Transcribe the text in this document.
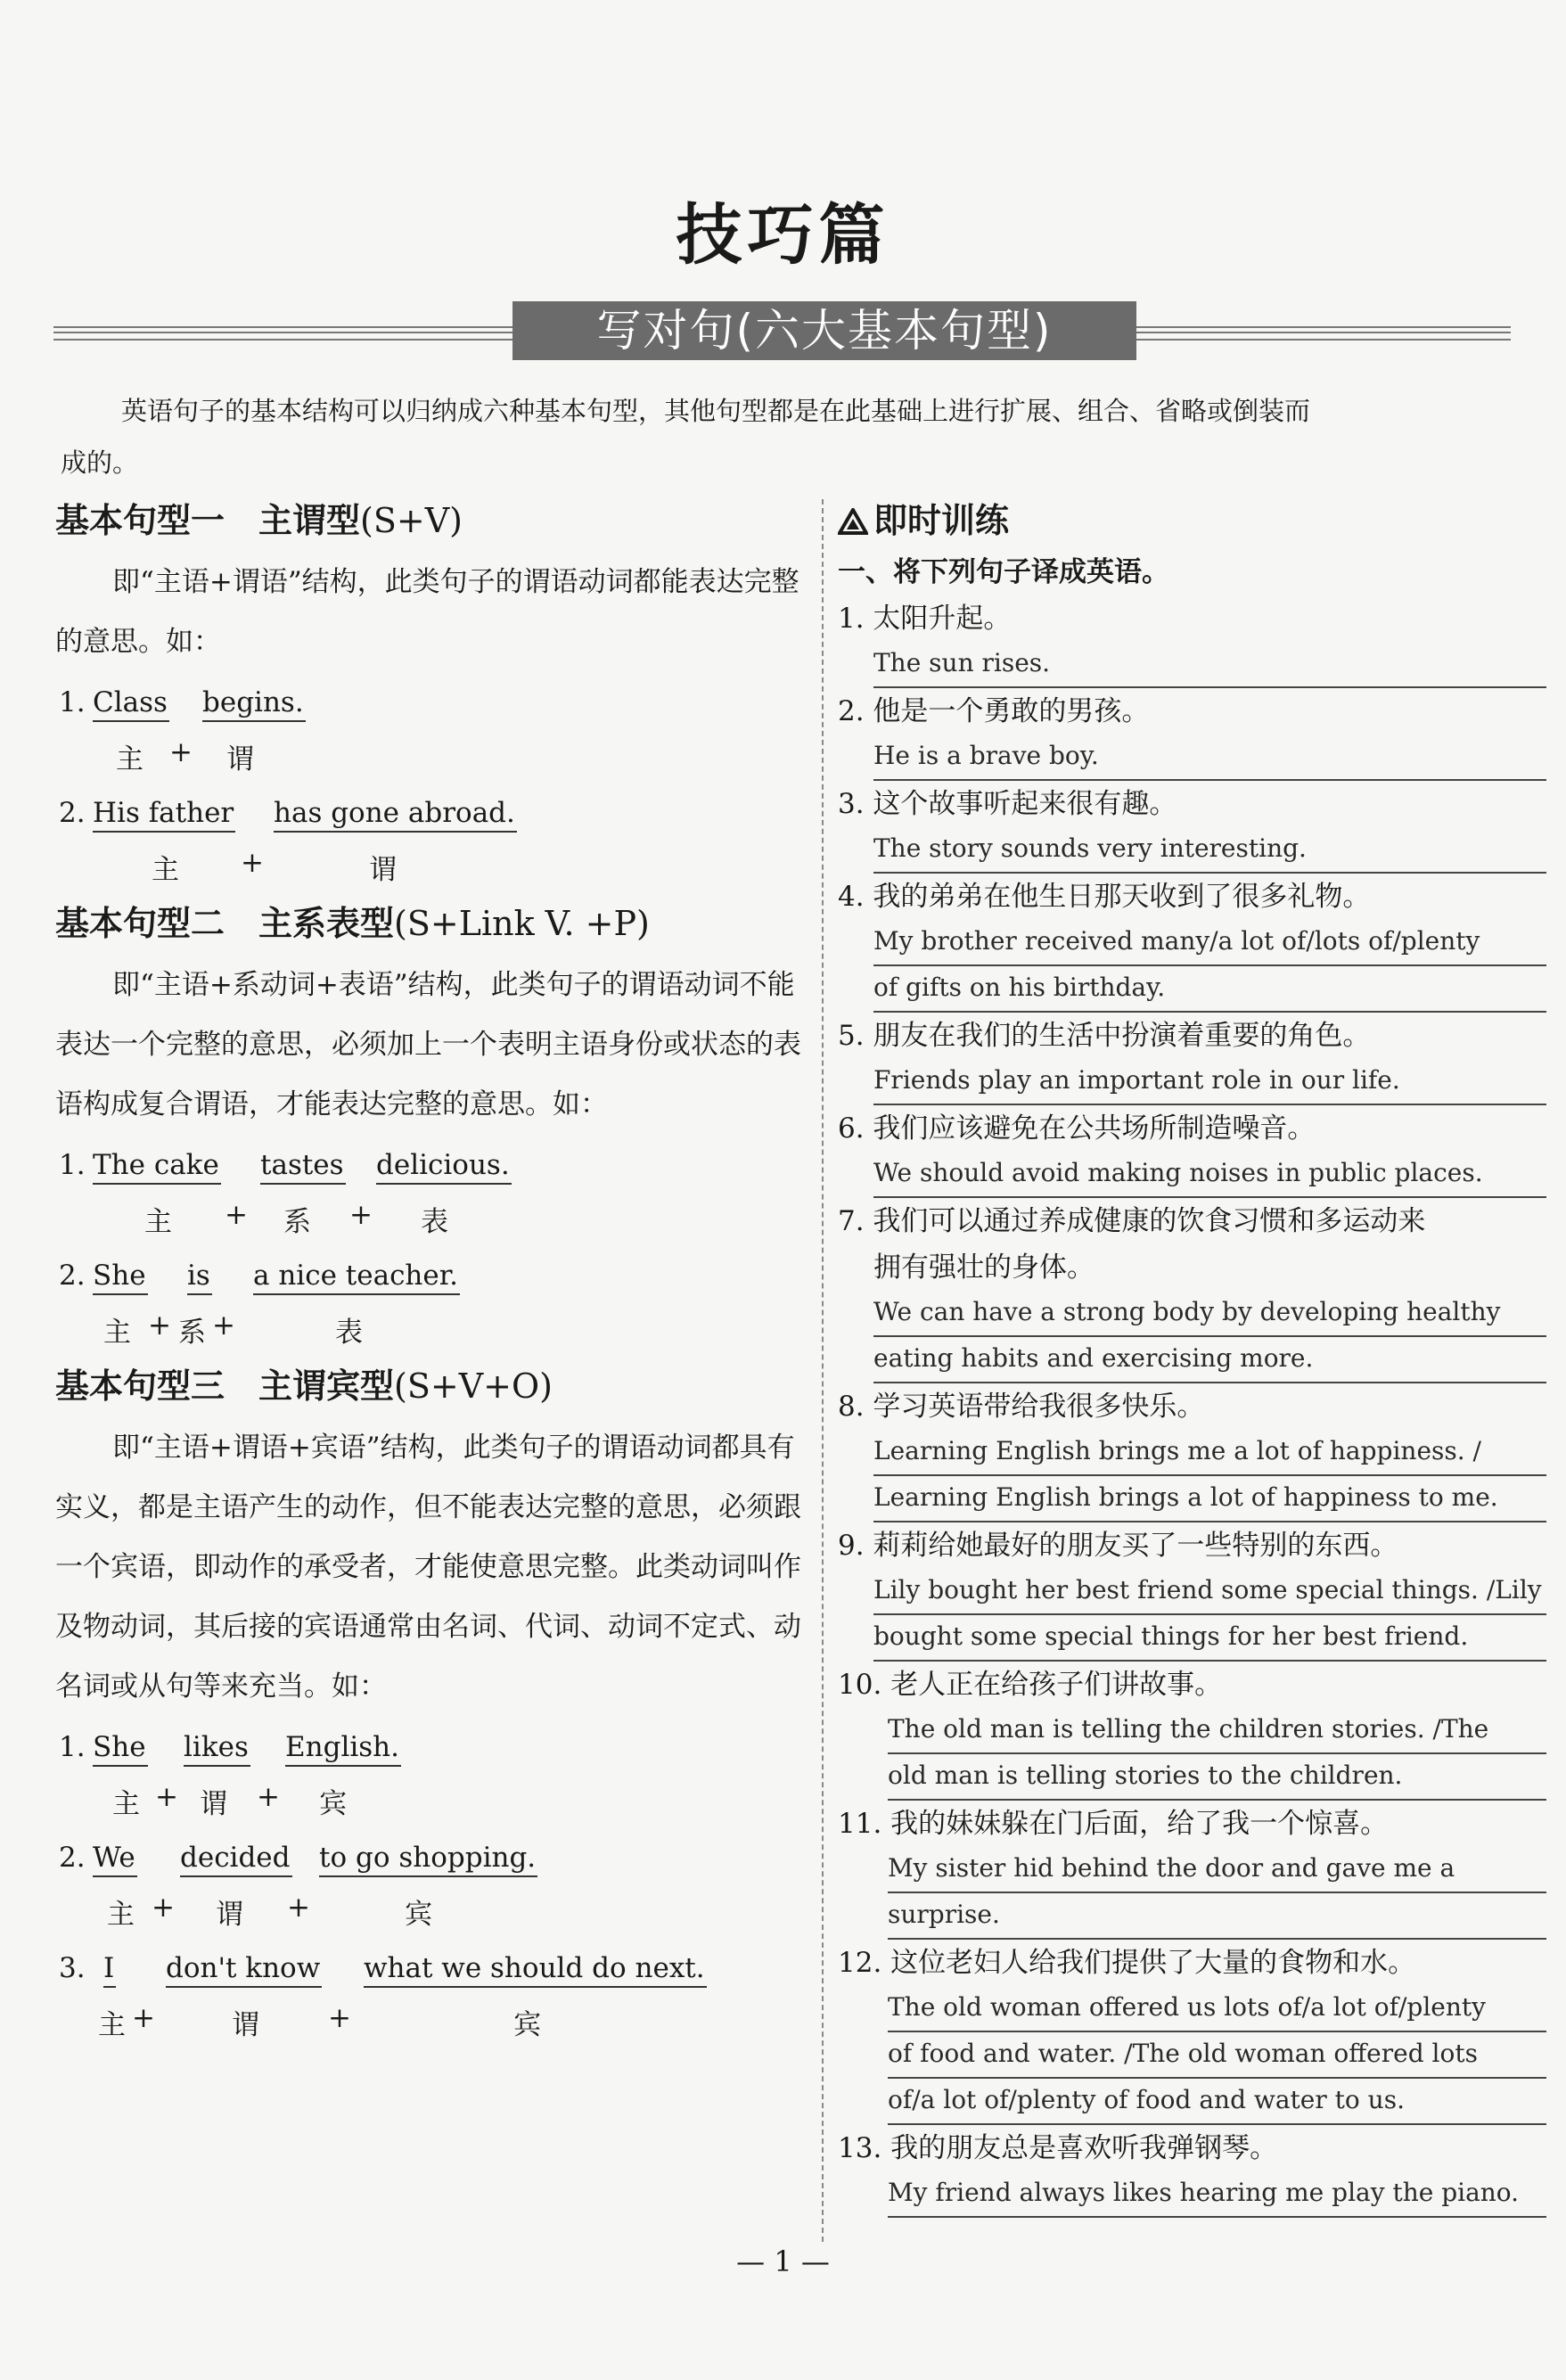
技巧篇
写对句(六大基本句型)
英语句子的基本结构可以归纳成六种基本句型，其他句型都是在此基础上进行扩展、组合、省略或倒装而
成的。
基本句型一　主谓型(S+V)

即“主语+谓语”结构，此类句子的谓语动词都能表达完整的意思。如：

1. Class begins.
主 + 谓
2. His father has gone abroad.
主 +	谓
基本句型二　主系表型(S+Link V. +P)

即“主语+系动词+表语”结构，此类句子的谓语动词不能表达一个完整的意思，必须加上一个表明主语身份或状态的表语构成复合谓语，才能表达完整的意思。如：

1. The cake tastes delicious.
主 + 系 + 表
2. She is a nice teacher.
主 + 系 +	表
基本句型三　主谓宾型(S+V+O)

即“主语+谓语+宾语”结构，此类句子的谓语动词都具有实义，都是主语产生的动作，但不能表达完整的意思，必须跟一个宾语，即动作的承受者，才能使意思完整。此类动词叫作及物动词，其后接的宾语通常由名词、代词、动词不定式、动名词或从句等来充当。如：

1. She likes English.
主 + 谓 + 宾
2. We decided to go shopping.
主 + 谓 +	宾
3. I don't know what we should do next.
主 +	谓 +	宾
即时训练
一、将下列句子译成英语。
1. 太阳升起。
The sun rises.
2. 他是一个勇敢的男孩。
He is a brave boy.
3. 这个故事听起来很有趣。
The story sounds very interesting.
4. 我的弟弟在他生日那天收到了很多礼物。
My brother received many/a lot of/lots of/plenty
of gifts on his birthday.
5. 朋友在我们的生活中扮演着重要的角色。
Friends play an important role in our life.
6. 我们应该避免在公共场所制造噪音。
We should avoid making noises in public places.
7. 我们可以通过养成健康的饮食习惯和多运动来
拥有强壮的身体。
We can have a strong body by developing healthy
eating habits and exercising more.
8. 学习英语带给我很多快乐。
Learning English brings me a lot of happiness. /
Learning English brings a lot of happiness to me.
9. 莉莉给她最好的朋友买了一些特别的东西。
Lily bought her best friend some special things. /Lily
bought some special things for her best friend.
10. 老人正在给孩子们讲故事。
The old man is telling the children stories. /The
old man is telling stories to the children.
11. 我的妹妹躲在门后面，给了我一个惊喜。
My sister hid behind the door and gave me a
surprise.
12. 这位老妇人给我们提供了大量的食物和水。
The old woman offered us lots of/a lot of/plenty
of food and water. /The old woman offered lots
of/a lot of/plenty of food and water to us.
13. 我的朋友总是喜欢听我弹钢琴。
My friend always likes hearing me play the piano.
— 1 —
